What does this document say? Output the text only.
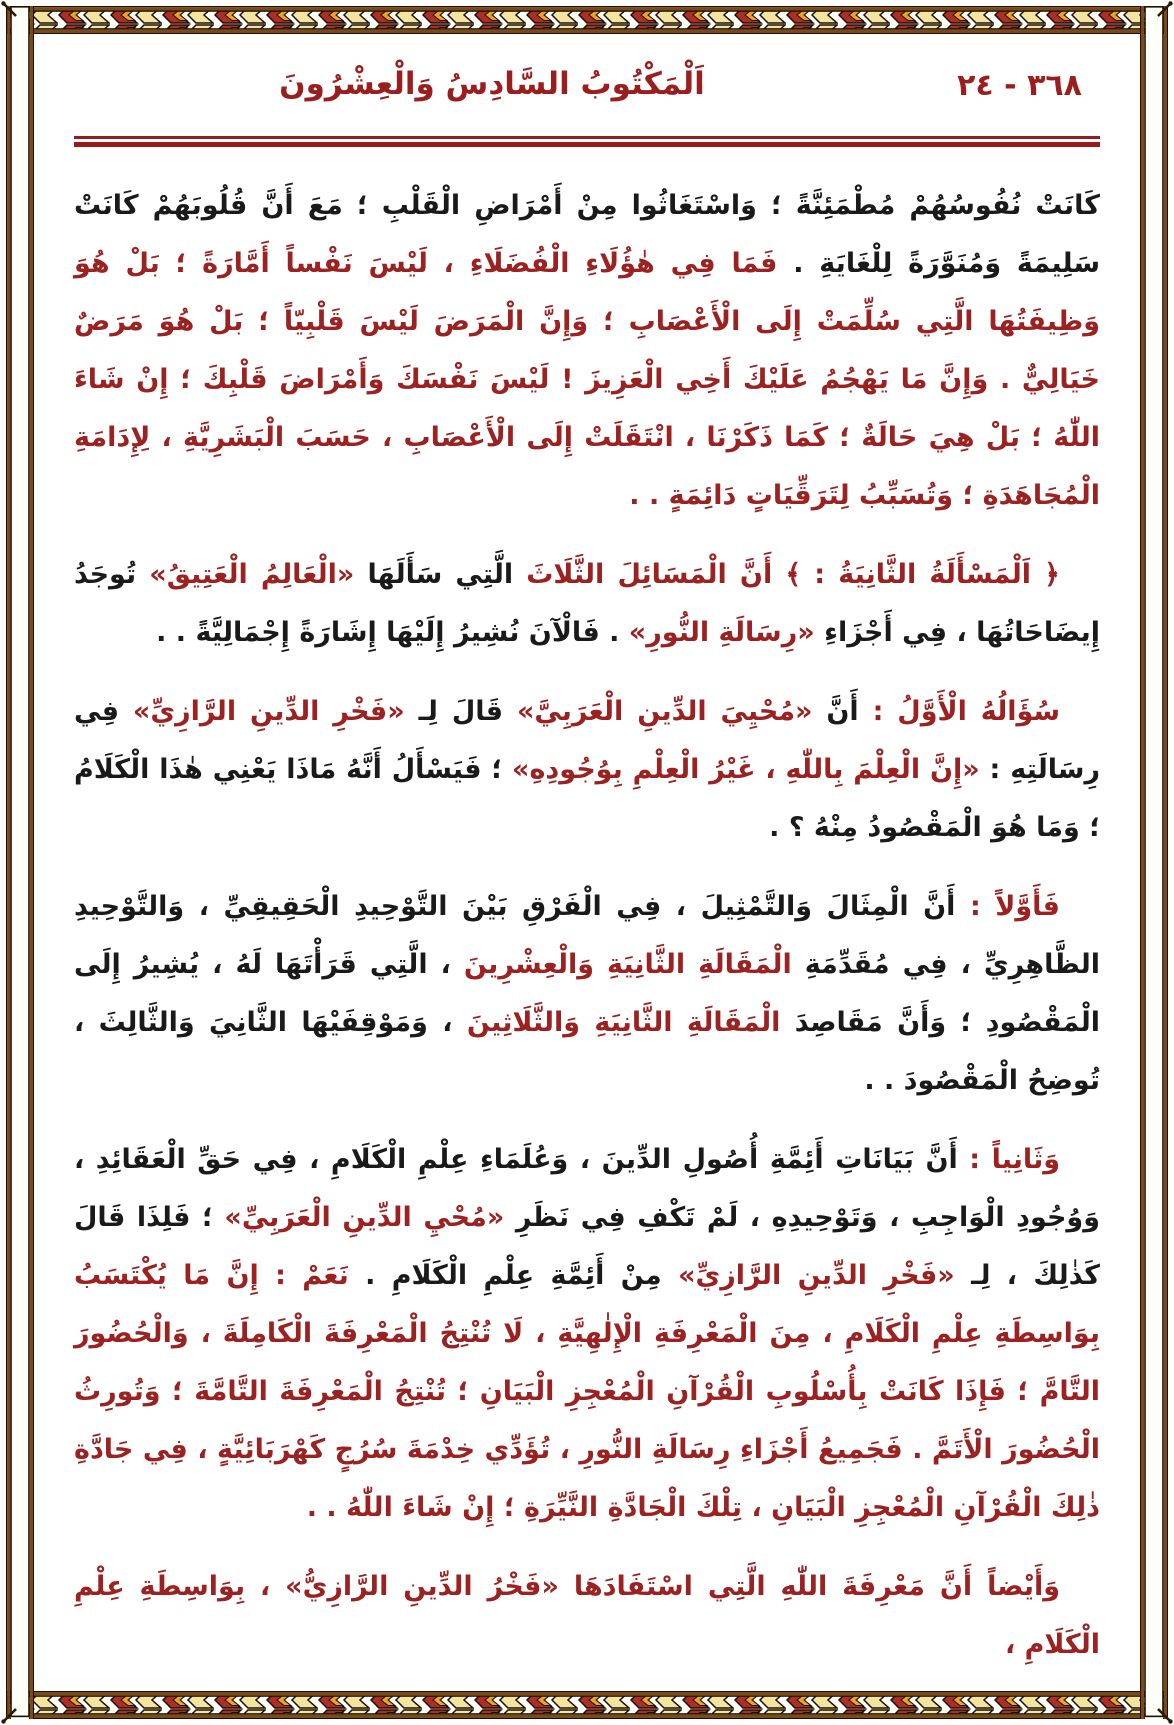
اَلْمَكْتُوبُ السَّادِسُ وَالْعِشْرُونَ	٣٦٨ - ٢٤

كَانَتْ نُفُوسُهُمْ مُطْمَئِنَّةً ؛ وَاسْتَغَاثُوا مِنْ أَمْرَاضِ الْقَلْبِ ؛ مَعَ أَنَّ قُلُوبَهُمْ كَانَتْ سَلِيمَةً وَمُنَوَّرَةً لِلْغَايَةِ . فَمَا فِي هٰؤُلَاءِ الْفُضَلَاءِ ، لَيْسَ نَفْساً أَمَّارَةً ؛ بَلْ هُوَ وَظِيفَتُهَا الَّتِي سُلِّمَتْ إِلَى الْأَعْصَابِ ؛ وَإِنَّ الْمَرَضَ لَيْسَ قَلْبِيّاً ؛ بَلْ هُوَ مَرَضٌ خَيَالِيٌّ . وَإِنَّ مَا يَهْجُمُ عَلَيْكَ أَخِي الْعَزِيزَ ! لَيْسَ نَفْسَكَ وَأَمْرَاضَ قَلْبِكَ ؛ إِنْ شَاءَ اللّٰهُ ؛ بَلْ هِيَ حَالَةٌ ؛ كَمَا ذَكَرْنَا ، انْتَقَلَتْ إِلَى الْأَعْصَابِ ، حَسَبَ الْبَشَرِيَّةِ ، لِإِدَامَةِ الْمُجَاهَدَةِ ؛ وَتُسَبِّبُ لِتَرَقِّيَاتٍ دَائِمَةٍ . .

﴿ اَلْمَسْأَلَةُ الثَّانِيَةُ : ﴾ أَنَّ الْمَسَائِلَ الثَّلَاثَ الَّتِي سَأَلَهَا «الْعَالِمُ الْعَتِيقُ» تُوجَدُ إِيضَاحَاتُهَا ، فِي أَجْزَاءِ «رِسَالَةِ النُّورِ» . فَالْآنَ نُشِيرُ إِلَيْهَا إِشَارَةً إِجْمَالِيَّةً . .

سُؤَالُهُ الْأَوَّلُ : أَنَّ «مُحْيِيَ الدِّينِ الْعَرَبِيَّ» قَالَ لِـ «فَخْرِ الدِّينِ الرَّازِيِّ» فِي رِسَالَتِهِ : «إِنَّ الْعِلْمَ بِاللّٰهِ ، غَيْرُ الْعِلْمِ بِوُجُودِهِ» ؛ فَيَسْأَلُ أَنَّهُ مَاذَا يَعْنِي هٰذَا الْكَلَامُ ؛ وَمَا هُوَ الْمَقْصُودُ مِنْهُ ؟ .

فَأَوَّلاً : أَنَّ الْمِثَالَ وَالتَّمْثِيلَ ، فِي الْفَرْقِ بَيْنَ التَّوْحِيدِ الْحَقِيقِيِّ ، وَالتَّوْحِيدِ الظَّاهِرِيِّ ، فِي مُقَدِّمَةِ الْمَقَالَةِ الثَّانِيَةِ وَالْعِشْرِينَ ، الَّتِي قَرَأْتَهَا لَهُ ، يُشِيرُ إِلَى الْمَقْصُودِ ؛ وَأَنَّ مَقَاصِدَ الْمَقَالَةِ الثَّانِيَةِ وَالثَّلَاثِينَ ، وَمَوْقِفَيْهَا الثَّانِيَ وَالثَّالِثَ ، تُوضِحُ الْمَقْصُودَ . .

وَثَانِياً : أَنَّ بَيَانَاتِ أَئِمَّةِ أُصُولِ الدِّينَ ، وَعُلَمَاءِ عِلْمِ الْكَلَامِ ، فِي حَقِّ الْعَقَائِدِ ، وَوُجُودِ الْوَاجِبِ ، وَتَوْحِيدِهِ ، لَمْ تَكْفِ فِي نَظَرِ «مُحْيِ الدِّينِ الْعَرَبِيِّ» ؛ فَلِذَا قَالَ كَذٰلِكَ ، لِـ «فَخْرِ الدِّينِ الرَّازِيِّ» مِنْ أَئِمَّةِ عِلْمِ الْكَلَامِ . نَعَمْ : إِنَّ مَا يُكْتَسَبُ بِوَاسِطَةِ عِلْمِ الْكَلَامِ ، مِنَ الْمَعْرِفَةِ الْإِلٰهِيَّةِ ، لَا تُنْتِجُ الْمَعْرِفَةَ الْكَامِلَةَ ، وَالْحُضُورَ التَّامَّ ؛ فَإِذَا كَانَتْ بِأُسْلُوبِ الْقُرْآنِ الْمُعْجِزِ الْبَيَانِ ؛ تُنْتِجُ الْمَعْرِفَةَ التَّامَّةَ ؛ وَتُورِثُ الْحُضُورَ الْأَتَمَّ . فَجَمِيعُ أَجْزَاءِ رِسَالَةِ النُّورِ ، تُؤَدِّي خِدْمَةَ سُرُجٍ كَهْرَبَائِيَّةٍ ، فِي جَادَّةِ ذٰلِكَ الْقُرْآنِ الْمُعْجِزِ الْبَيَانِ ، تِلْكَ الْجَادَّةِ النَّيِّرَةِ ؛ إِنْ شَاءَ اللّٰهُ . .

وَأَيْضاً أَنَّ مَعْرِفَةَ اللّٰهِ الَّتِي اسْتَفَادَهَا «فَخْرُ الدِّينِ الرَّازِيُّ» ، بِوَاسِطَةِ عِلْمِ الْكَلَامِ ،
